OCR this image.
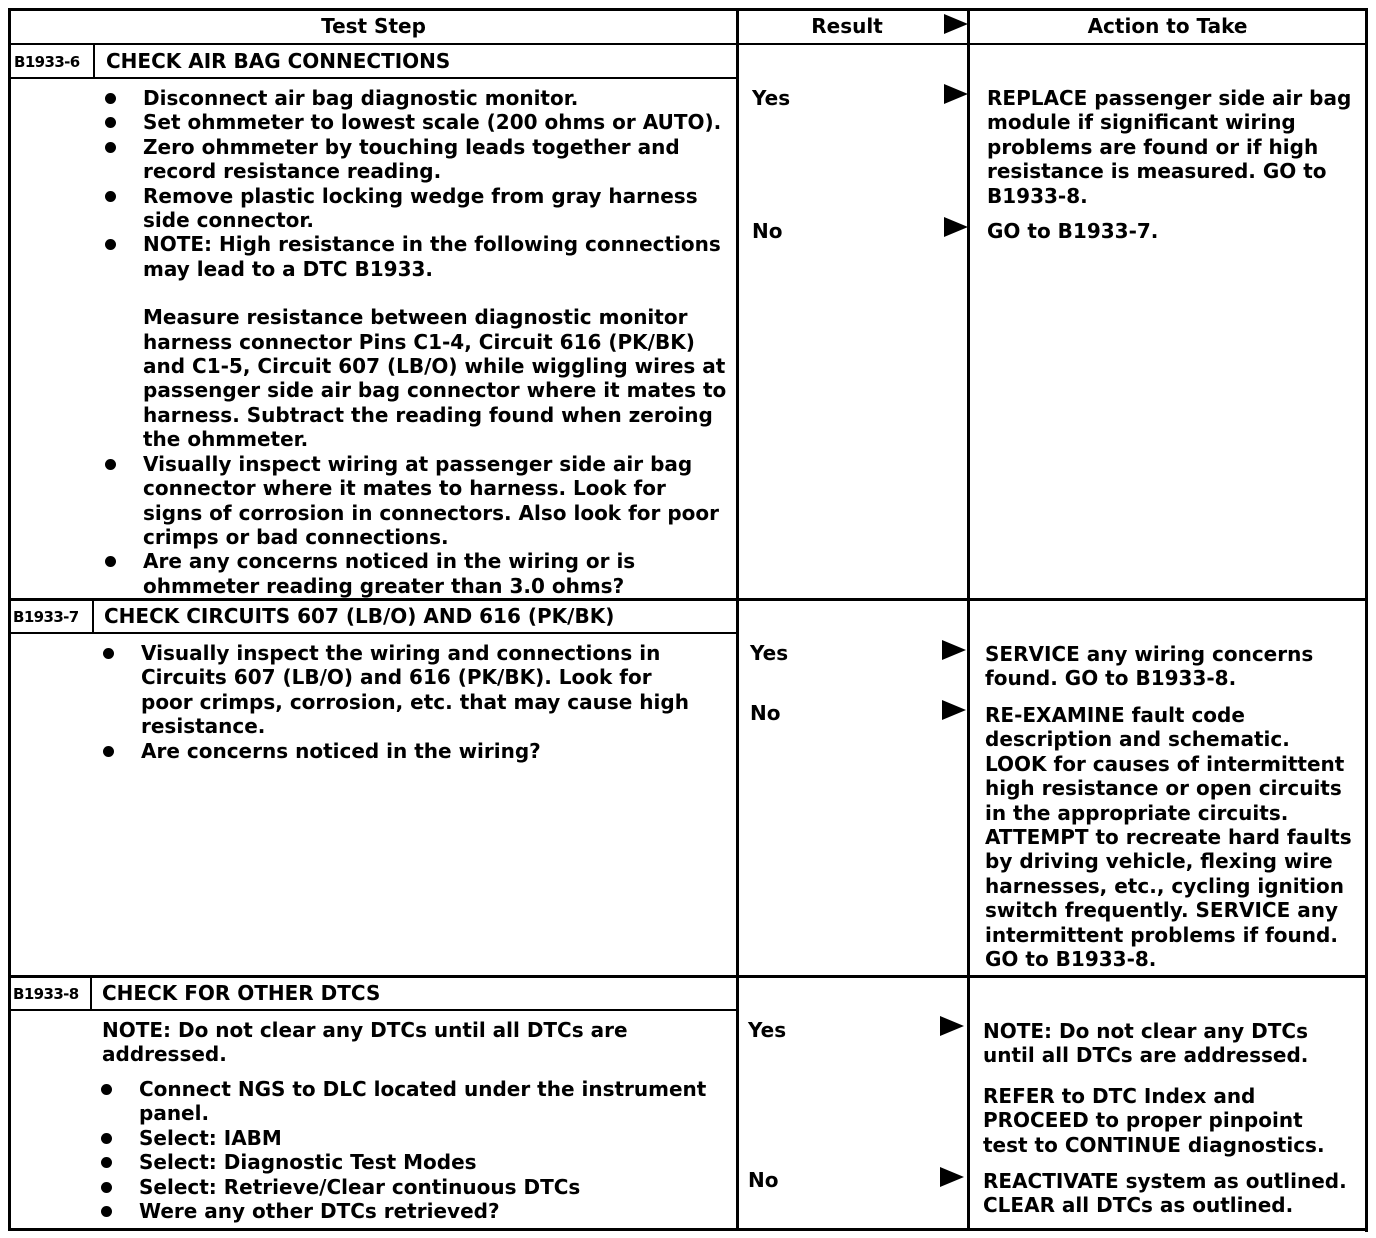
Test Step	Result	Action to Take
B1933-6 CHECK AIR BAG CONNECTIONS
Disconnect air bag diagnostic monitor.
Set ohmmeter to lowest scale (200 ohms or AUTO).
Zero ohmmeter by touching leads together and record resistance reading.
Remove plastic locking wedge from gray harness side connector.
NOTE: High resistance in the following connections may lead to a DTC B1933.
Measure resistance between diagnostic monitor harness connector Pins C1-4, Circuit 616 (PK/BK) and C1-5, Circuit 607 (LB/O) while wiggling wires at passenger side air bag connector where it mates to harness. Subtract the reading found when zeroing the ohmmeter.
Visually inspect wiring at passenger side air bag connector where it mates to harness. Look for signs of corrosion in connectors. Also look for poor crimps or bad connections.
Are any concerns noticed in the wiring or is ohmmeter reading greater than 3.0 ohms?
Yes	REPLACE passenger side air bag module if significant wiring problems are found or if high resistance is measured. GO to B1933-8.
No	GO to B1933-7.
B1933-7 CHECK CIRCUITS 607 (LB/O) AND 616 (PK/BK)
Visually inspect the wiring and connections in Circuits 607 (LB/O) and 616 (PK/BK). Look for poor crimps, corrosion, etc. that may cause high resistance.
Are concerns noticed in the wiring?
Yes	SERVICE any wiring concerns found. GO to B1933-8.
No	RE-EXAMINE fault code description and schematic. LOOK for causes of intermittent high resistance or open circuits in the appropriate circuits. ATTEMPT to recreate hard faults by driving vehicle, flexing wire harnesses, etc., cycling ignition switch frequently. SERVICE any intermittent problems if found. GO to B1933-8.
B1933-8 CHECK FOR OTHER DTCS
NOTE: Do not clear any DTCs until all DTCs are addressed.
Connect NGS to DLC located under the instrument panel.
Select: IABM
Select: Diagnostic Test Modes
Select: Retrieve/Clear continuous DTCs
Were any other DTCs retrieved?
Yes	NOTE: Do not clear any DTCs until all DTCs are addressed.
REFER to DTC Index and PROCEED to proper pinpoint test to CONTINUE diagnostics.
No	REACTIVATE system as outlined. CLEAR all DTCs as outlined.
